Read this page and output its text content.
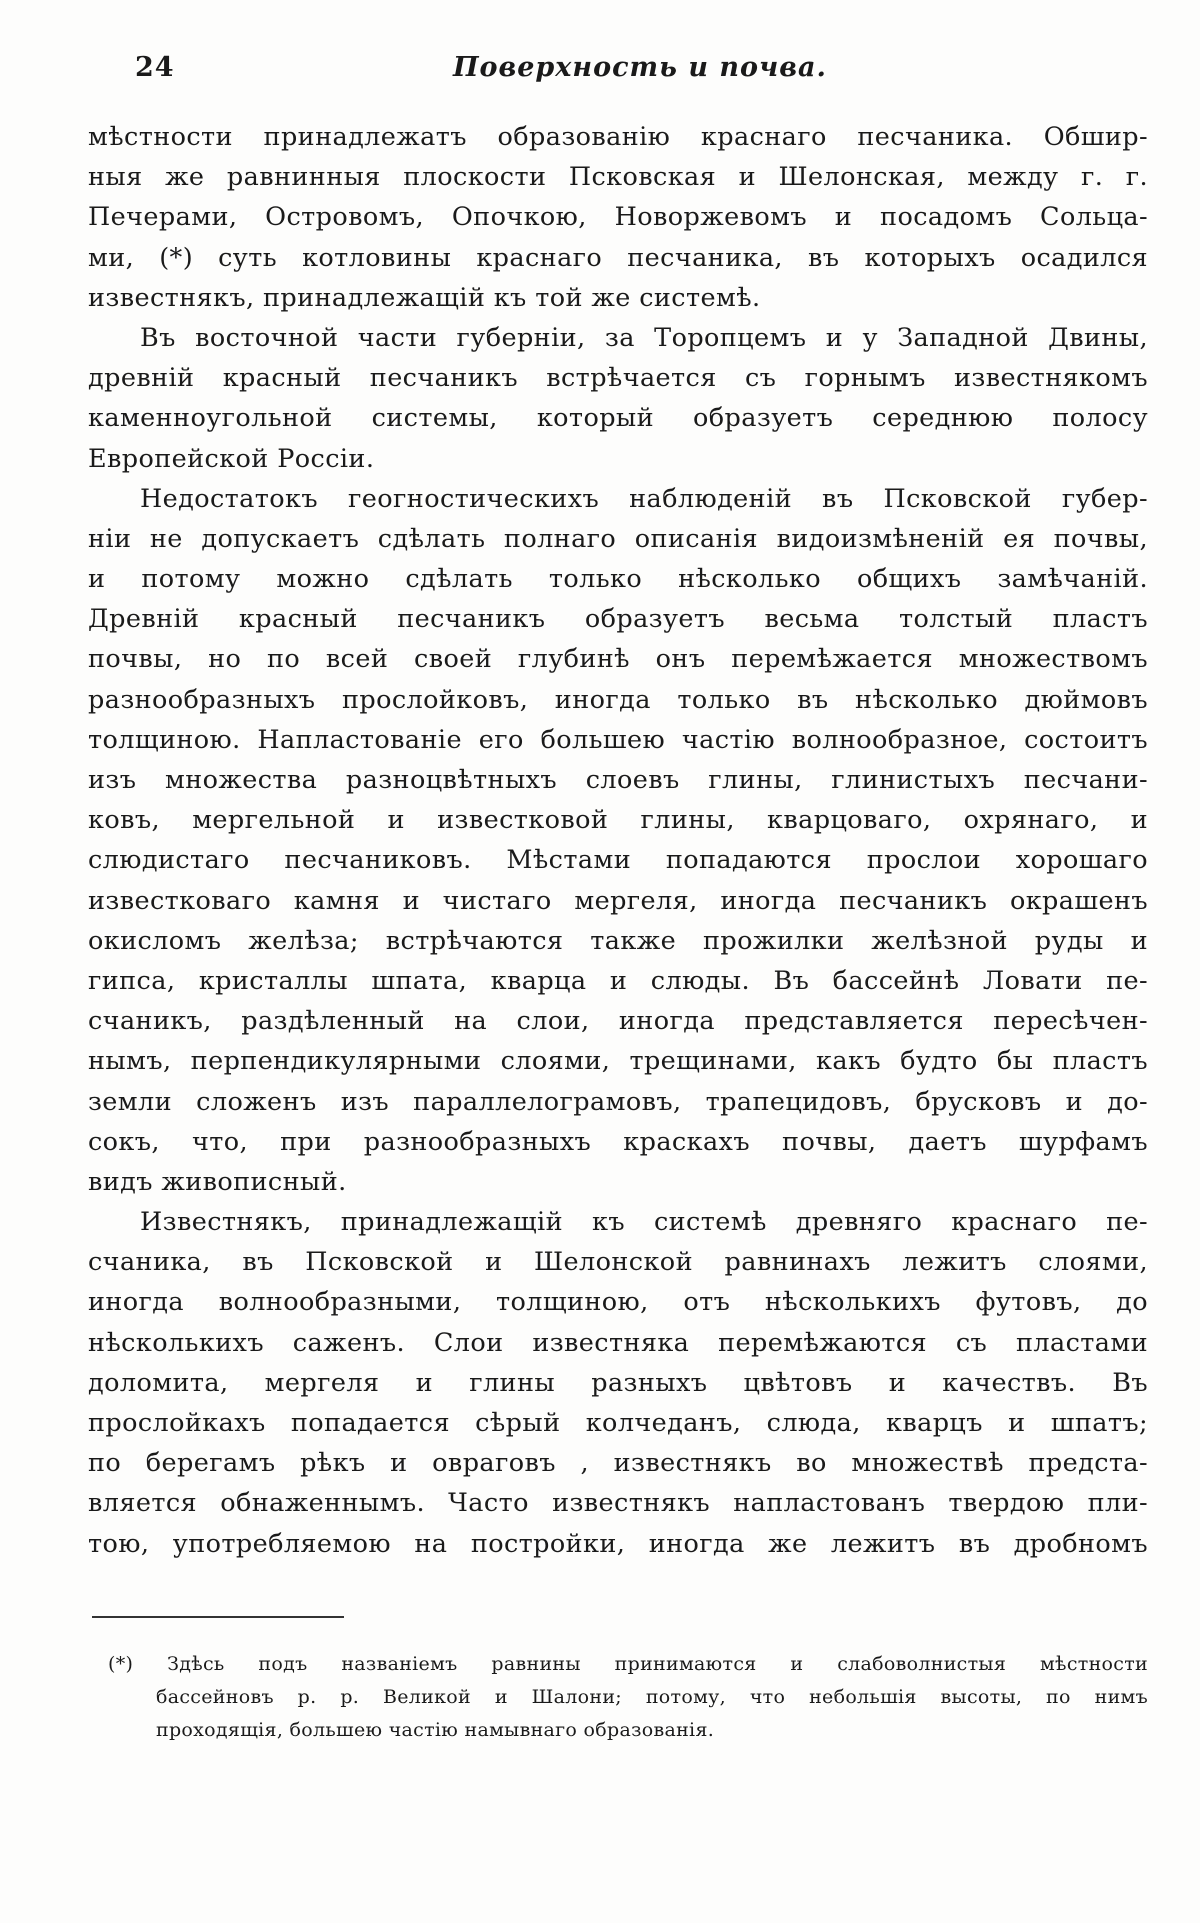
24	Поверхность и почва.
мѣстности принадлежатъ образованію краснаго песчаника. Обшир-
ныя же равнинныя плоскости Псковская и Шелонская, между г. г.
Печерами, Островомъ, Опочкою, Новоржевомъ и посадомъ Сольца-
ми, (*) суть котловины краснаго песчаника, въ которыхъ осадился
известнякъ, принадлежащій къ той же системѣ.
Въ восточной части губерніи, за Торопцемъ и у Западной Двины,
древній красный песчаникъ встрѣчается съ горнымъ известнякомъ
каменноугольной системы, который образуетъ середнюю полосу
Европейской Россіи.
Недостатокъ геогностическихъ наблюденій въ Псковской губер-
ніи не допускаетъ сдѣлать полнаго описанія видоизмѣненій ея почвы,
и потому можно сдѣлать только нѣсколько общихъ замѣчаній.
Древній красный песчаникъ образуетъ весьма толстый пластъ
почвы, но по всей своей глубинѣ онъ перемѣжается множествомъ
разнообразныхъ прослойковъ, иногда только въ нѣсколько дюймовъ
толщиною. Напластованіе его большею частію волнообразное, состоитъ
изъ множества разноцвѣтныхъ слоевъ глины, глинистыхъ песчани-
ковъ, мергельной и известковой глины, кварцоваго, охрянаго, и
слюдистаго песчаниковъ. Мѣстами попадаются прослои хорошаго
известковаго камня и чистаго мергеля, иногда песчаникъ окрашенъ
окисломъ желѣза; встрѣчаются также прожилки желѣзной руды и
гипса, кристаллы шпата, кварца и слюды. Въ бассейнѣ Ловати пе-
счаникъ, раздѣленный на слои, иногда представляется пересѣчен-
нымъ, перпендикулярными слоями, трещинами, какъ будто бы пластъ
земли сложенъ изъ параллелограмовъ, трапецидовъ, брусковъ и до-
сокъ, что, при разнообразныхъ краскахъ почвы, даетъ шурфамъ
видъ живописный.
Известнякъ, принадлежащій къ системѣ древняго краснаго пе-
счаника, въ Псковской и Шелонской равнинахъ лежитъ слоями,
иногда волнообразными, толщиною, отъ нѣсколькихъ футовъ, до
нѣсколькихъ саженъ. Слои известняка перемѣжаются съ пластами
доломита, мергеля и глины разныхъ цвѣтовъ и качествъ. Въ
прослойкахъ попадается сѣрый колчеданъ, слюда, кварцъ и шпатъ;
по берегамъ рѣкъ и овраговъ , известнякъ во множествѣ предста-
вляется обнаженнымъ. Часто известнякъ напластованъ твердою пли-
тою, употребляемою на постройки, иногда же лежитъ въ дробномъ
(*) Здѣсь подъ названіемъ равнины принимаются и слабоволнистыя мѣстности
бассейновъ р. р. Великой и Шалони; потому, что небольшія высоты, по нимъ
проходящія, большею частію намывнаго образованія.
